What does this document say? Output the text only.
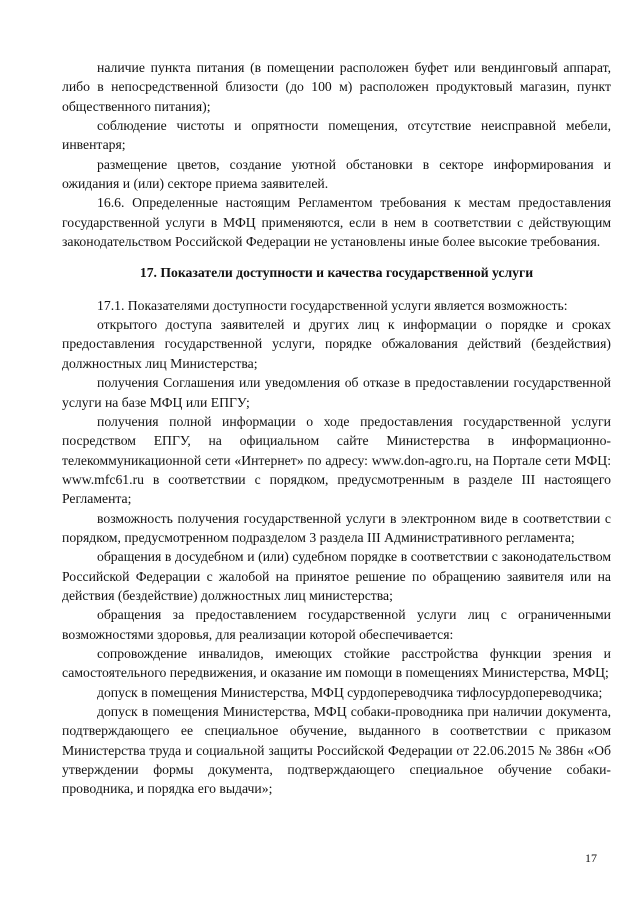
наличие пункта питания (в помещении расположен буфет или вендинговый аппарат, либо в непосредственной близости (до 100 м) расположен продуктовый магазин, пункт общественного питания);

соблюдение чистоты и опрятности помещения, отсутствие неисправной мебели, инвентаря;

размещение цветов, создание уютной обстановки в секторе информирования и ожидания и (или) секторе приема заявителей.

16.6. Определенные настоящим Регламентом требования к местам предоставления государственной услуги в МФЦ применяются, если в нем в соответствии с действующим законодательством Российской Федерации не установлены иные более высокие требования.

17. Показатели доступности и качества государственной услуги

17.1. Показателями доступности государственной услуги является возможность:

открытого доступа заявителей и других лиц к информации о порядке и сроках предоставления государственной услуги, порядке обжалования действий (бездействия) должностных лиц Министерства;

получения Соглашения или уведомления об отказе в предоставлении государственной услуги на базе МФЦ или ЕПГУ;

получения полной информации о ходе предоставления государственной услуги посредством ЕПГУ, на официальном сайте Министерства в информационно-телекоммуникационной сети «Интернет» по адресу: www.don-agro.ru, на Портале сети МФЦ: www.mfc61.ru в соответствии с порядком, предусмотренным в разделе III настоящего Регламента;

возможность получения государственной услуги в электронном виде в соответствии с порядком, предусмотренном подразделом 3 раздела III Административного регламента;

обращения в досудебном и (или) судебном порядке в соответствии с законодательством Российской Федерации с жалобой на принятое решение по обращению заявителя или на действия (бездействие) должностных лиц министерства;

обращения за предоставлением государственной услуги лиц с ограниченными возможностями здоровья, для реализации которой обеспечивается:

сопровождение инвалидов, имеющих стойкие расстройства функции зрения и самостоятельного передвижения, и оказание им помощи в помещениях Министерства, МФЦ;

допуск в помещения Министерства, МФЦ сурдопереводчика тифлосурдопереводчика;

допуск в помещения Министерства, МФЦ собаки-проводника при наличии документа, подтверждающего ее специальное обучение, выданного в соответствии с приказом Министерства труда и социальной защиты Российской Федерации от 22.06.2015 № 386н «Об утверждении формы документа, подтверждающего специальное обучение собаки-проводника, и порядка его выдачи»;

17
